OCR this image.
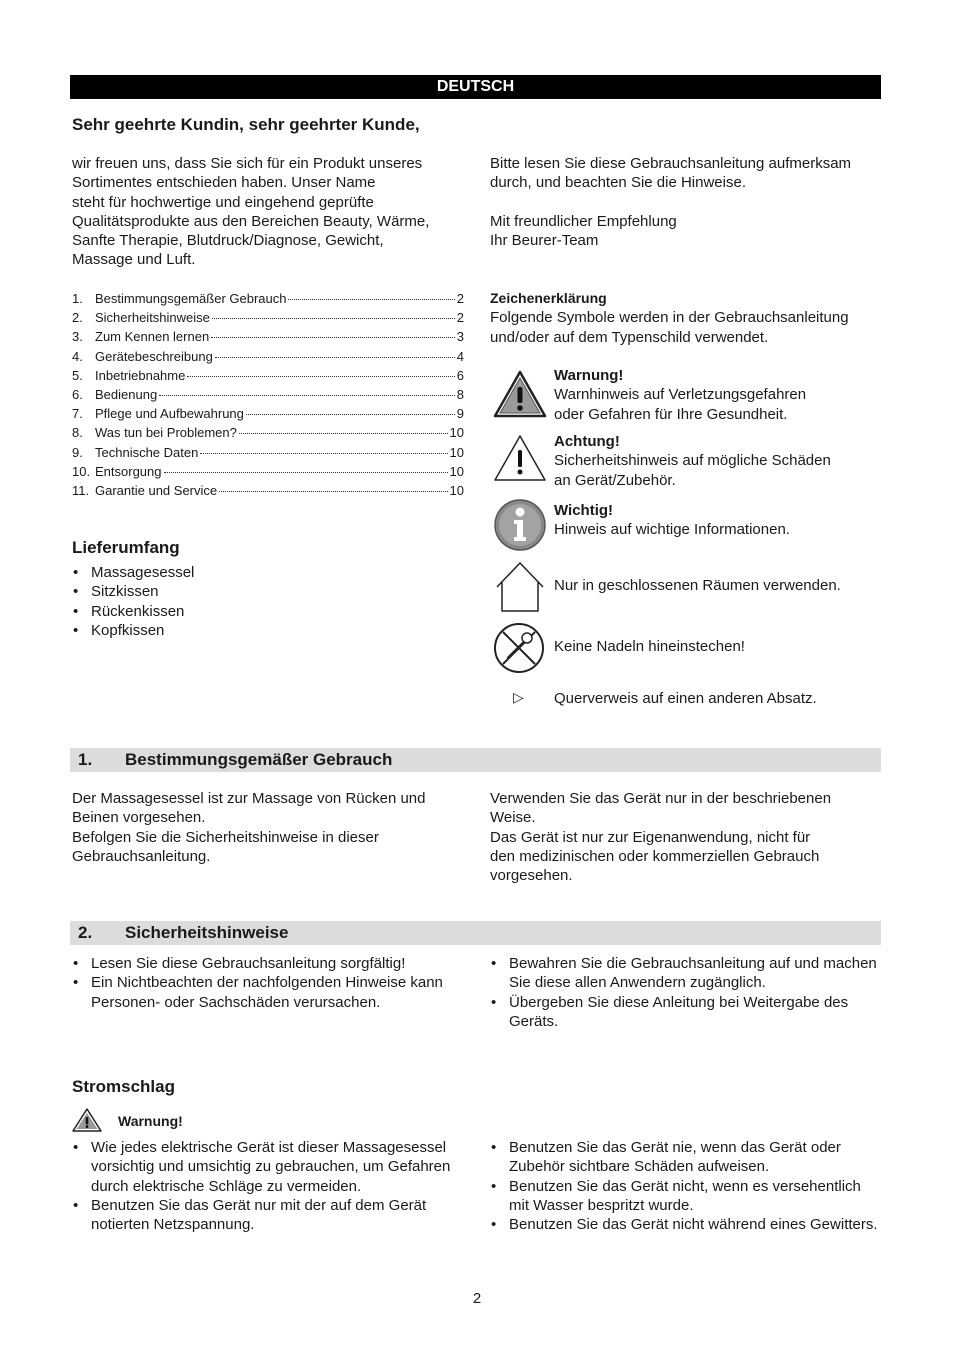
DEUTSCH
Sehr geehrte Kundin, sehr geehrter Kunde,

wir freuen uns, dass Sie sich für ein Produkt unseres

Sortimentes entschieden haben. Unser Name

steht für hochwertige und eingehend geprüfte

Qualitätsprodukte aus den Bereichen Beauty, Wärme,

Sanfte Therapie, Blutdruck/Diagnose, Gewicht,

Massage und Luft.

Bitte lesen Sie diese Gebrauchsanleitung aufmerksam

durch, und beachten Sie die Hinweise.

Mit freundlicher Empfehlung

Ihr Beurer-Team

1. Bestimmungsgemäßer Gebrauch	2
2. Sicherheitshinweise	2
3. Zum Kennen lernen	3
4. Gerätebeschreibung	4
5. Inbetriebnahme	6
6. Bedienung	8
7. Pflege und Aufbewahrung	9
8. Was tun bei Problemen?	10
9. Technische Daten	10
10. Entsorgung	10
11. Garantie und Service	10
Lieferumfang
• Massagesessel
• Sitzkissen
• Rückenkissen
• Kopfkissen

Zeichenerklärung

Folgende Symbole werden in der Gebrauchsanleitung

und/oder auf dem Typenschild verwendet.

Warnung!
Warnhinweis auf Verletzungsgefahren
oder Gefahren für Ihre Gesundheit.
Achtung!
Sicherheitshinweis auf mögliche Schäden
an Gerät/Zubehör.
Wichtig!
Hinweis auf wichtige Informationen.
Nur in geschlossenen Räumen verwenden.
Keine Nadeln hineinstechen!
▷ Querverweis auf einen anderen Absatz.
1. Bestimmungsgemäßer Gebrauch

Der Massagesessel ist zur Massage von Rücken und

Beinen vorgesehen.

Befolgen Sie die Sicherheitshinweise in dieser

Gebrauchsanleitung.

Verwenden Sie das Gerät nur in der beschriebenen

Weise.

Das Gerät ist nur zur Eigenanwendung, nicht für

den medizinischen oder kommerziellen Gebrauch

vorgesehen.

2. Sicherheitshinweise
• Lesen Sie diese Gebrauchsanleitung sorgfältig!
• Ein Nichtbeachten der nachfolgenden Hinweise kann Personen- oder Sachschäden verursachen.
• Bewahren Sie die Gebrauchsanleitung auf und machen Sie diese allen Anwendern zugänglich.
• Übergeben Sie diese Anleitung bei Weitergabe des Geräts.
Stromschlag
Warnung!
• Wie jedes elektrische Gerät ist dieser Massagesessel vorsichtig und umsichtig zu gebrauchen, um Gefahren durch elektrische Schläge zu vermeiden.
• Benutzen Sie das Gerät nur mit der auf dem Gerät notierten Netzspannung.
• Benutzen Sie das Gerät nie, wenn das Gerät oder Zubehör sichtbare Schäden aufweisen.
• Benutzen Sie das Gerät nicht, wenn es versehentlich mit Wasser bespritzt wurde.
• Benutzen Sie das Gerät nicht während eines Gewitters.
2
